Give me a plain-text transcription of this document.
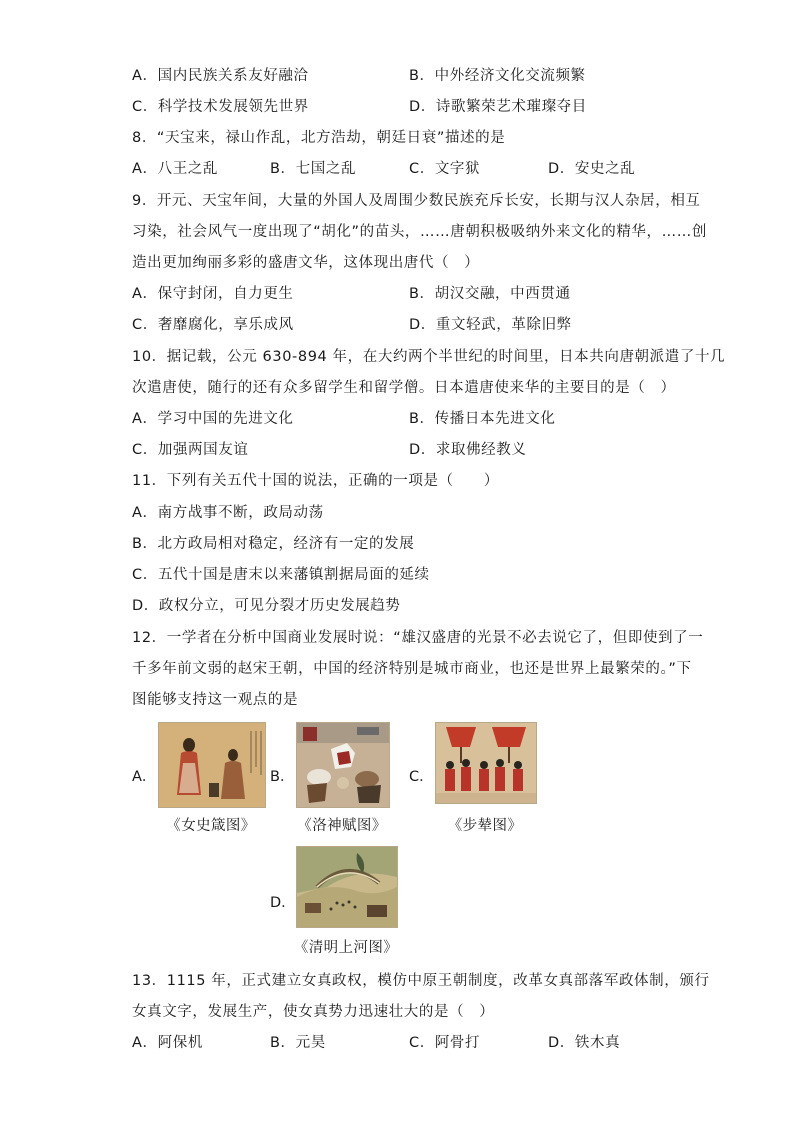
A．国内民族关系友好融洽	B．中外经济文化交流频繁
C．科学技术发展领先世界	D．诗歌繁荣艺术璀璨夺目
8．“天宝来，禄山作乱，北方浩劫，朝廷日衰”描述的是
A．八王之乱	B．七国之乱	C．文字狱	D．安史之乱
9．开元、天宝年间，大量的外国人及周围少数民族充斥长安，长期与汉人杂居，相互
习染，社会风气一度出现了“胡化”的苗头，……唐朝积极吸纳外来文化的精华，……创
造出更加绚丽多彩的盛唐文华，这体现出唐代（　）
A．保守封闭，自力更生	B．胡汉交融，中西贯通
C．奢靡腐化，享乐成风	D．重文轻武，革除旧弊
10．据记载，公元 630-894 年，在大约两个半世纪的时间里，日本共向唐朝派遣了十几
次遣唐使，随行的还有众多留学生和留学僧。日本遣唐使来华的主要目的是（　）
A．学习中国的先进文化	B．传播日本先进文化
C．加强两国友谊	D．求取佛经教义
11．下列有关五代十国的说法，正确的一项是（　　）
A．南方战事不断，政局动荡
B．北方政局相对稳定，经济有一定的发展
C．五代十国是唐末以来藩镇割据局面的延续
D．政权分立，可见分裂才历史发展趋势
12．一学者在分析中国商业发展时说：“雄汉盛唐的光景不必去说它了，但即使到了一
千多年前文弱的赵宋王朝，中国的经济特别是城市商业，也还是世界上最繁荣的。”下
图能够支持这一观点的是
A．
《女史箴图》
B．
《洛神赋图》
C．
《步辇图》
D．
《清明上河图》
13．1115 年，正式建立女真政权，模仿中原王朝制度，改革女真部落军政体制，颁行
女真文字，发展生产，使女真势力迅速壮大的是（　）
A．阿保机	B．元昊	C．阿骨打	D．铁木真
